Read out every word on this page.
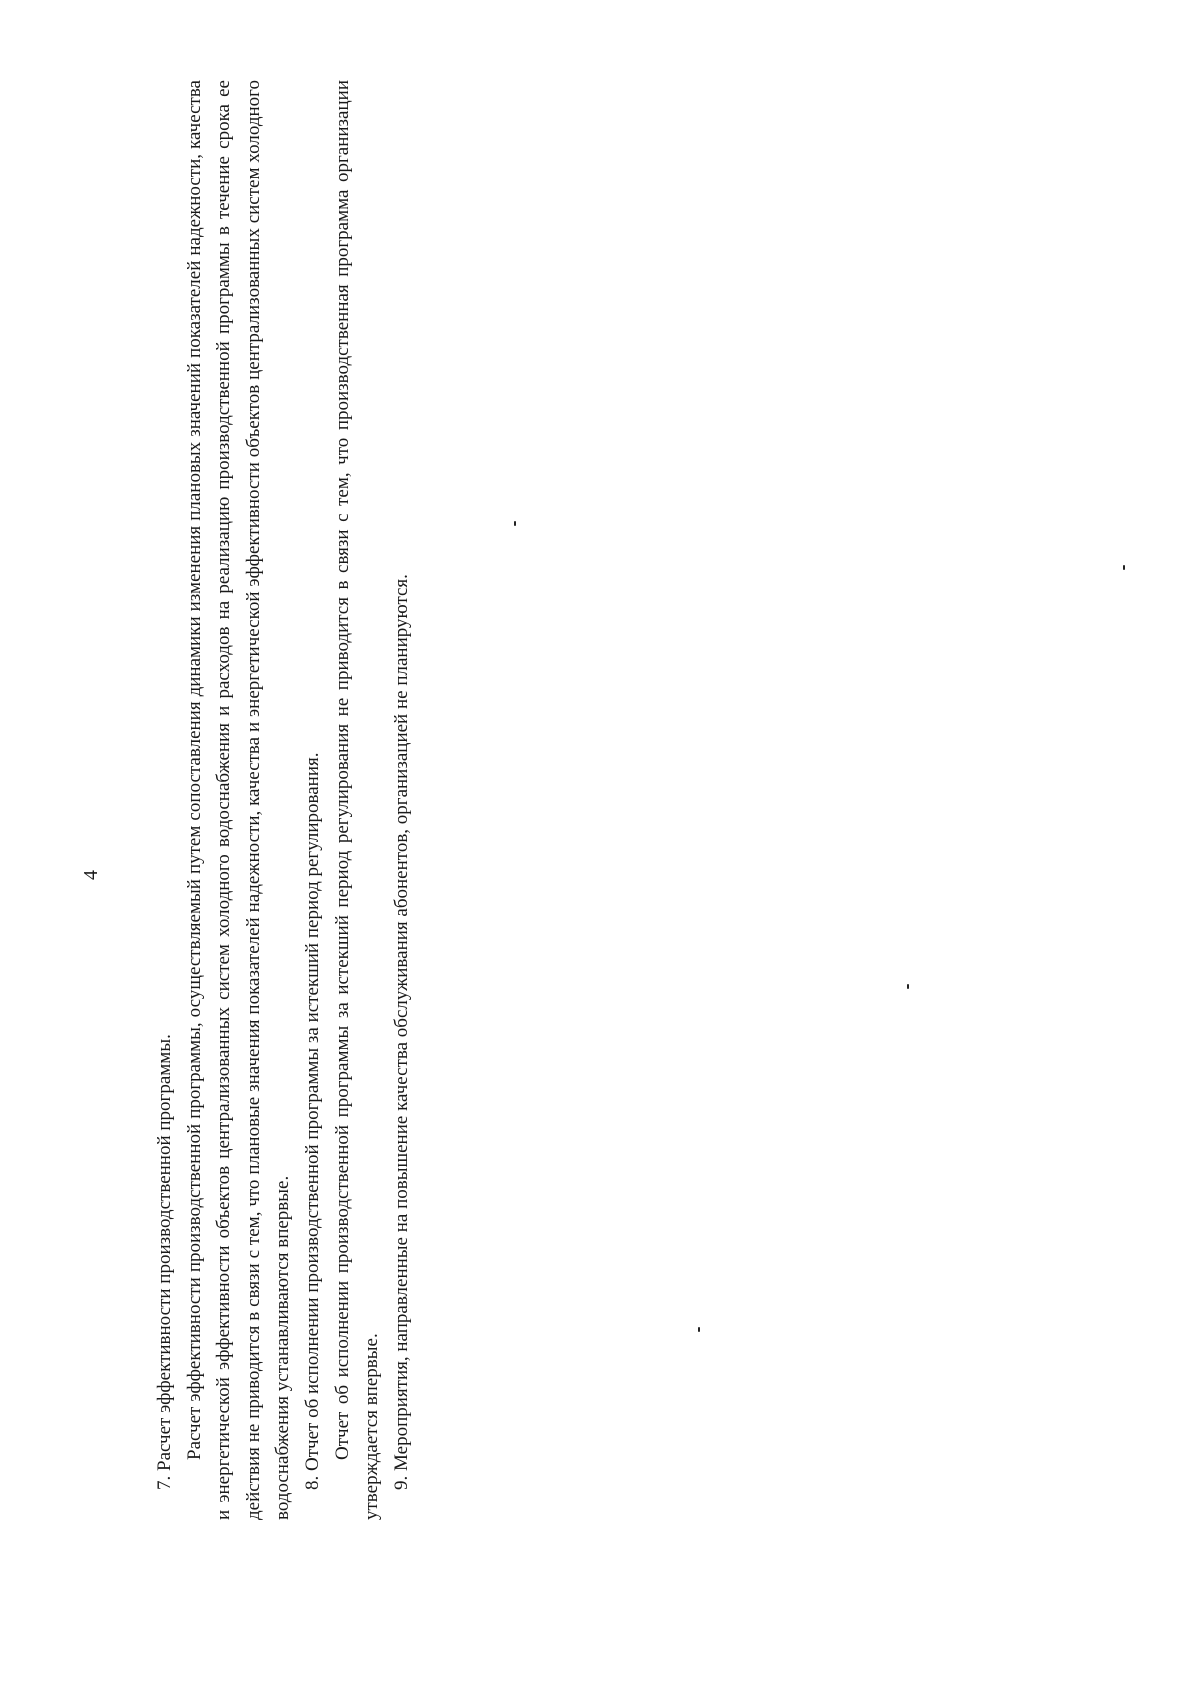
4

7. Расчет эффективности производственной программы. Расчет эффективности производственной программы, осуществляемый путем сопоставления динамики изменения плановых значений показателей надежности, качества и энергетической эффективности объектов централизованных систем холодного водоснабжения и расходов на реализацию производственной программы в течение срока ее действия не приводится в связи с тем, что плановые значения показателей надежности, качества и энергетической эффективности объектов централизованных систем холодного водоснабжения устанавливаются впервые. 8. Отчет об исполнении производственной программы за истекший период регулирования. Отчет об исполнении производственной программы за истекший период регулирования не приводится в связи с тем, что производственная программа организации утверждается впервые. 9. Мероприятия, направленные на повышение качества обслуживания абонентов, организацией не планируются.
